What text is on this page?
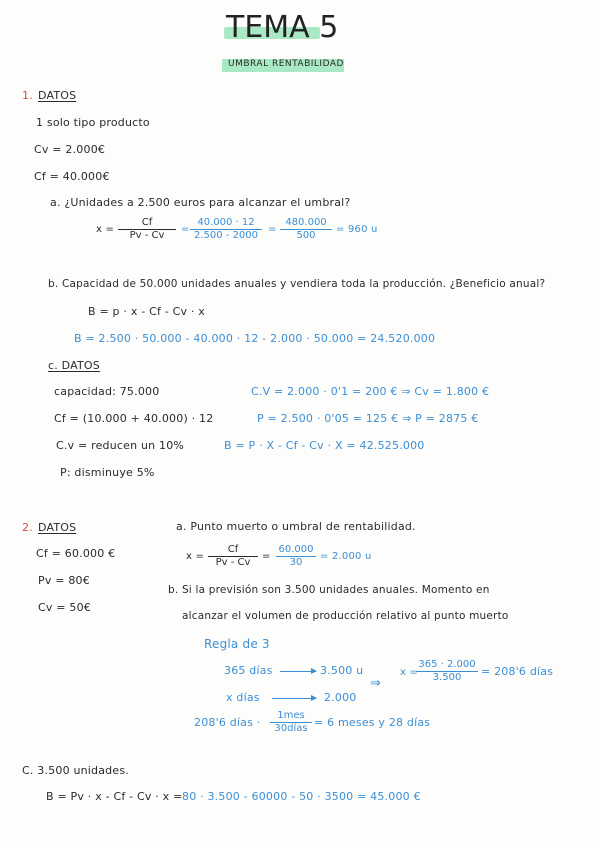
TEMA 5
UMBRAL RENTABILIDAD
1. DATOS
1 solo tipo producto
Cv = 2.000€
Cf = 40.000€
a. ¿Unidades a 2.500 euros para alcanzar el umbral?
$x = \frac{Cf}{Pv - Cv} = \frac{40.000 \cdot 12}{2.500 - 2000} = \frac{480.000}{500} = 960$ u
b. Capacidad de 50.000 unidades anuales y vendiera toda la producción. ¿Beneficio anual?
B = p · x - Cf - Cv · x
B = 2.500 · 50.000 - 40.000 · 12 - 2.000 · 50.000 = 24.520.000
c. DATOS
capacidad: 75.000
Cf = (10.000 + 40.000) · 12
C.v = reducen un 10%
P: disminuye 5%
C.V = 2.000 · 0'1 = 200 € ⇒ Cv = 1.800 €
P = 2.500 · 0'05 = 125 € ⇒ P = 2875 €
B = P · X - Cf - Cv · X = 42.525.000
2. DATOS
Cf = 60.000 €
Pv = 80€
Cv = 50€
a. Punto muerto o umbral de rentabilidad.
$x = \frac{Cf}{Pv - Cv} = \frac{60.000}{30} = 2.000$ u
b. Si la previsión son 3.500 unidades anuales. Momento en
alcanzar el volumen de producción relativo al punto muerto
Regla de 3
365 días	3.500 u
x días	2.000
⇒
x =
$\frac{365 \cdot 2.000}{3.500} = 208'6$ días
208'6 días ·
1mes
30días = 6 meses y 28 días
C. 3.500 unidades.
B = Pv · x - Cf - Cv · x = 80 · 3.500 - 60000 - 50 · 3500 = 45.000 €
